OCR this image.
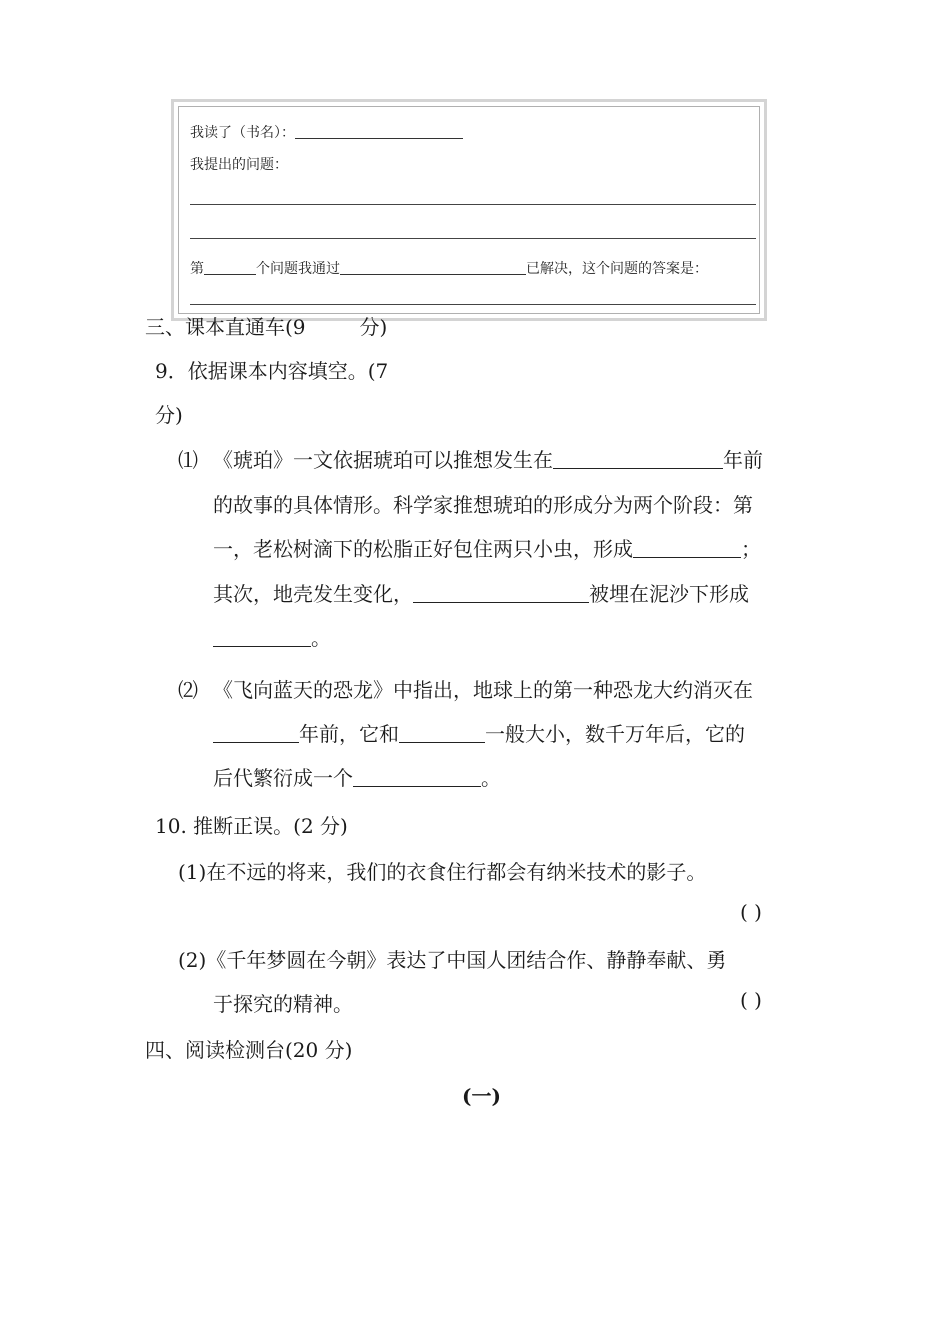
我读了（书名）：
我提出的问题：
第	个问题我通过	已解决，这个问题的答案是：
三、课本直通车(9	分)
9．依据课本内容填空。(7
分)
⑴ 《琥珀》一文依据琥珀可以推想发生在	年前
的故事的具体情形。科学家推想琥珀的形成分为两个阶段：第
一，老松树滴下的松脂正好包住两只小虫，形成	；
其次，地壳发生变化，	被埋在泥沙下形成
。
⑵ 《飞向蓝天的恐龙》中指出，地球上的第一种恐龙大约消灭在
年前，它和	一般大小，数千万年后，它的
后代繁衍成一个	。
10. 推断正误。(2 分)
(1)在不远的将来，我们的衣食住行都会有纳米技术的影子。
( )
(2)《千年梦圆在今朝》表达了中国人团结合作、静静奉献、勇
于探究的精神。	( )
四、阅读检测台(20 分)
(一)
